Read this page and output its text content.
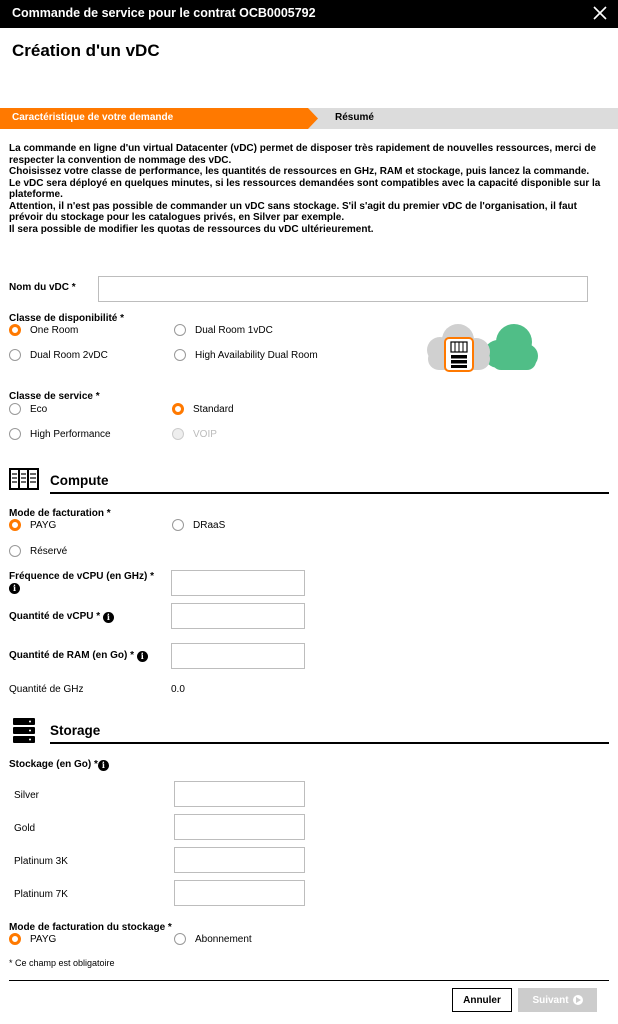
Commande de service pour le contrat OCB0005792
Création d'un vDC
Caractéristique de votre demande	Résumé

La commande en ligne d'un virtual Datacenter (vDC) permet de disposer très rapidement de nouvelles ressources, merci de respecter la convention de nommage des vDC.

Choisissez votre classe de performance, les quantités de ressources en GHz, RAM et stockage, puis lancez la commande.

Le vDC sera déployé en quelques minutes, si les ressources demandées sont compatibles avec la capacité disponible sur la plateforme.

Attention, il n'est pas possible de commander un vDC sans stockage. S'il s'agit du premier vDC de l'organisation, il faut prévoir du stockage pour les catalogues privés, en Silver par exemple.

Il sera possible de modifier les quotas de ressources du vDC ultérieurement.

Nom du vDC *
Classe de disponibilité *
One Room	Dual Room 1vDC
Dual Room 2vDC	High Availability Dual Room
Classe de service *
Eco	Standard
High Performance	VOIP
Compute
Mode de facturation *
PAYG	DRaaS
Réservé
Fréquence de vCPU (en GHz) *
i
Quantité de vCPU * i
Quantité de RAM (en Go) * i
Quantité de GHz	0.0
Storage
Stockage (en Go) * i
Silver
Gold
Platinum 3K
Platinum 7K
Mode de facturation du stockage *
PAYG	Abonnement
* Ce champ est obligatoire
Annuler	Suivant
